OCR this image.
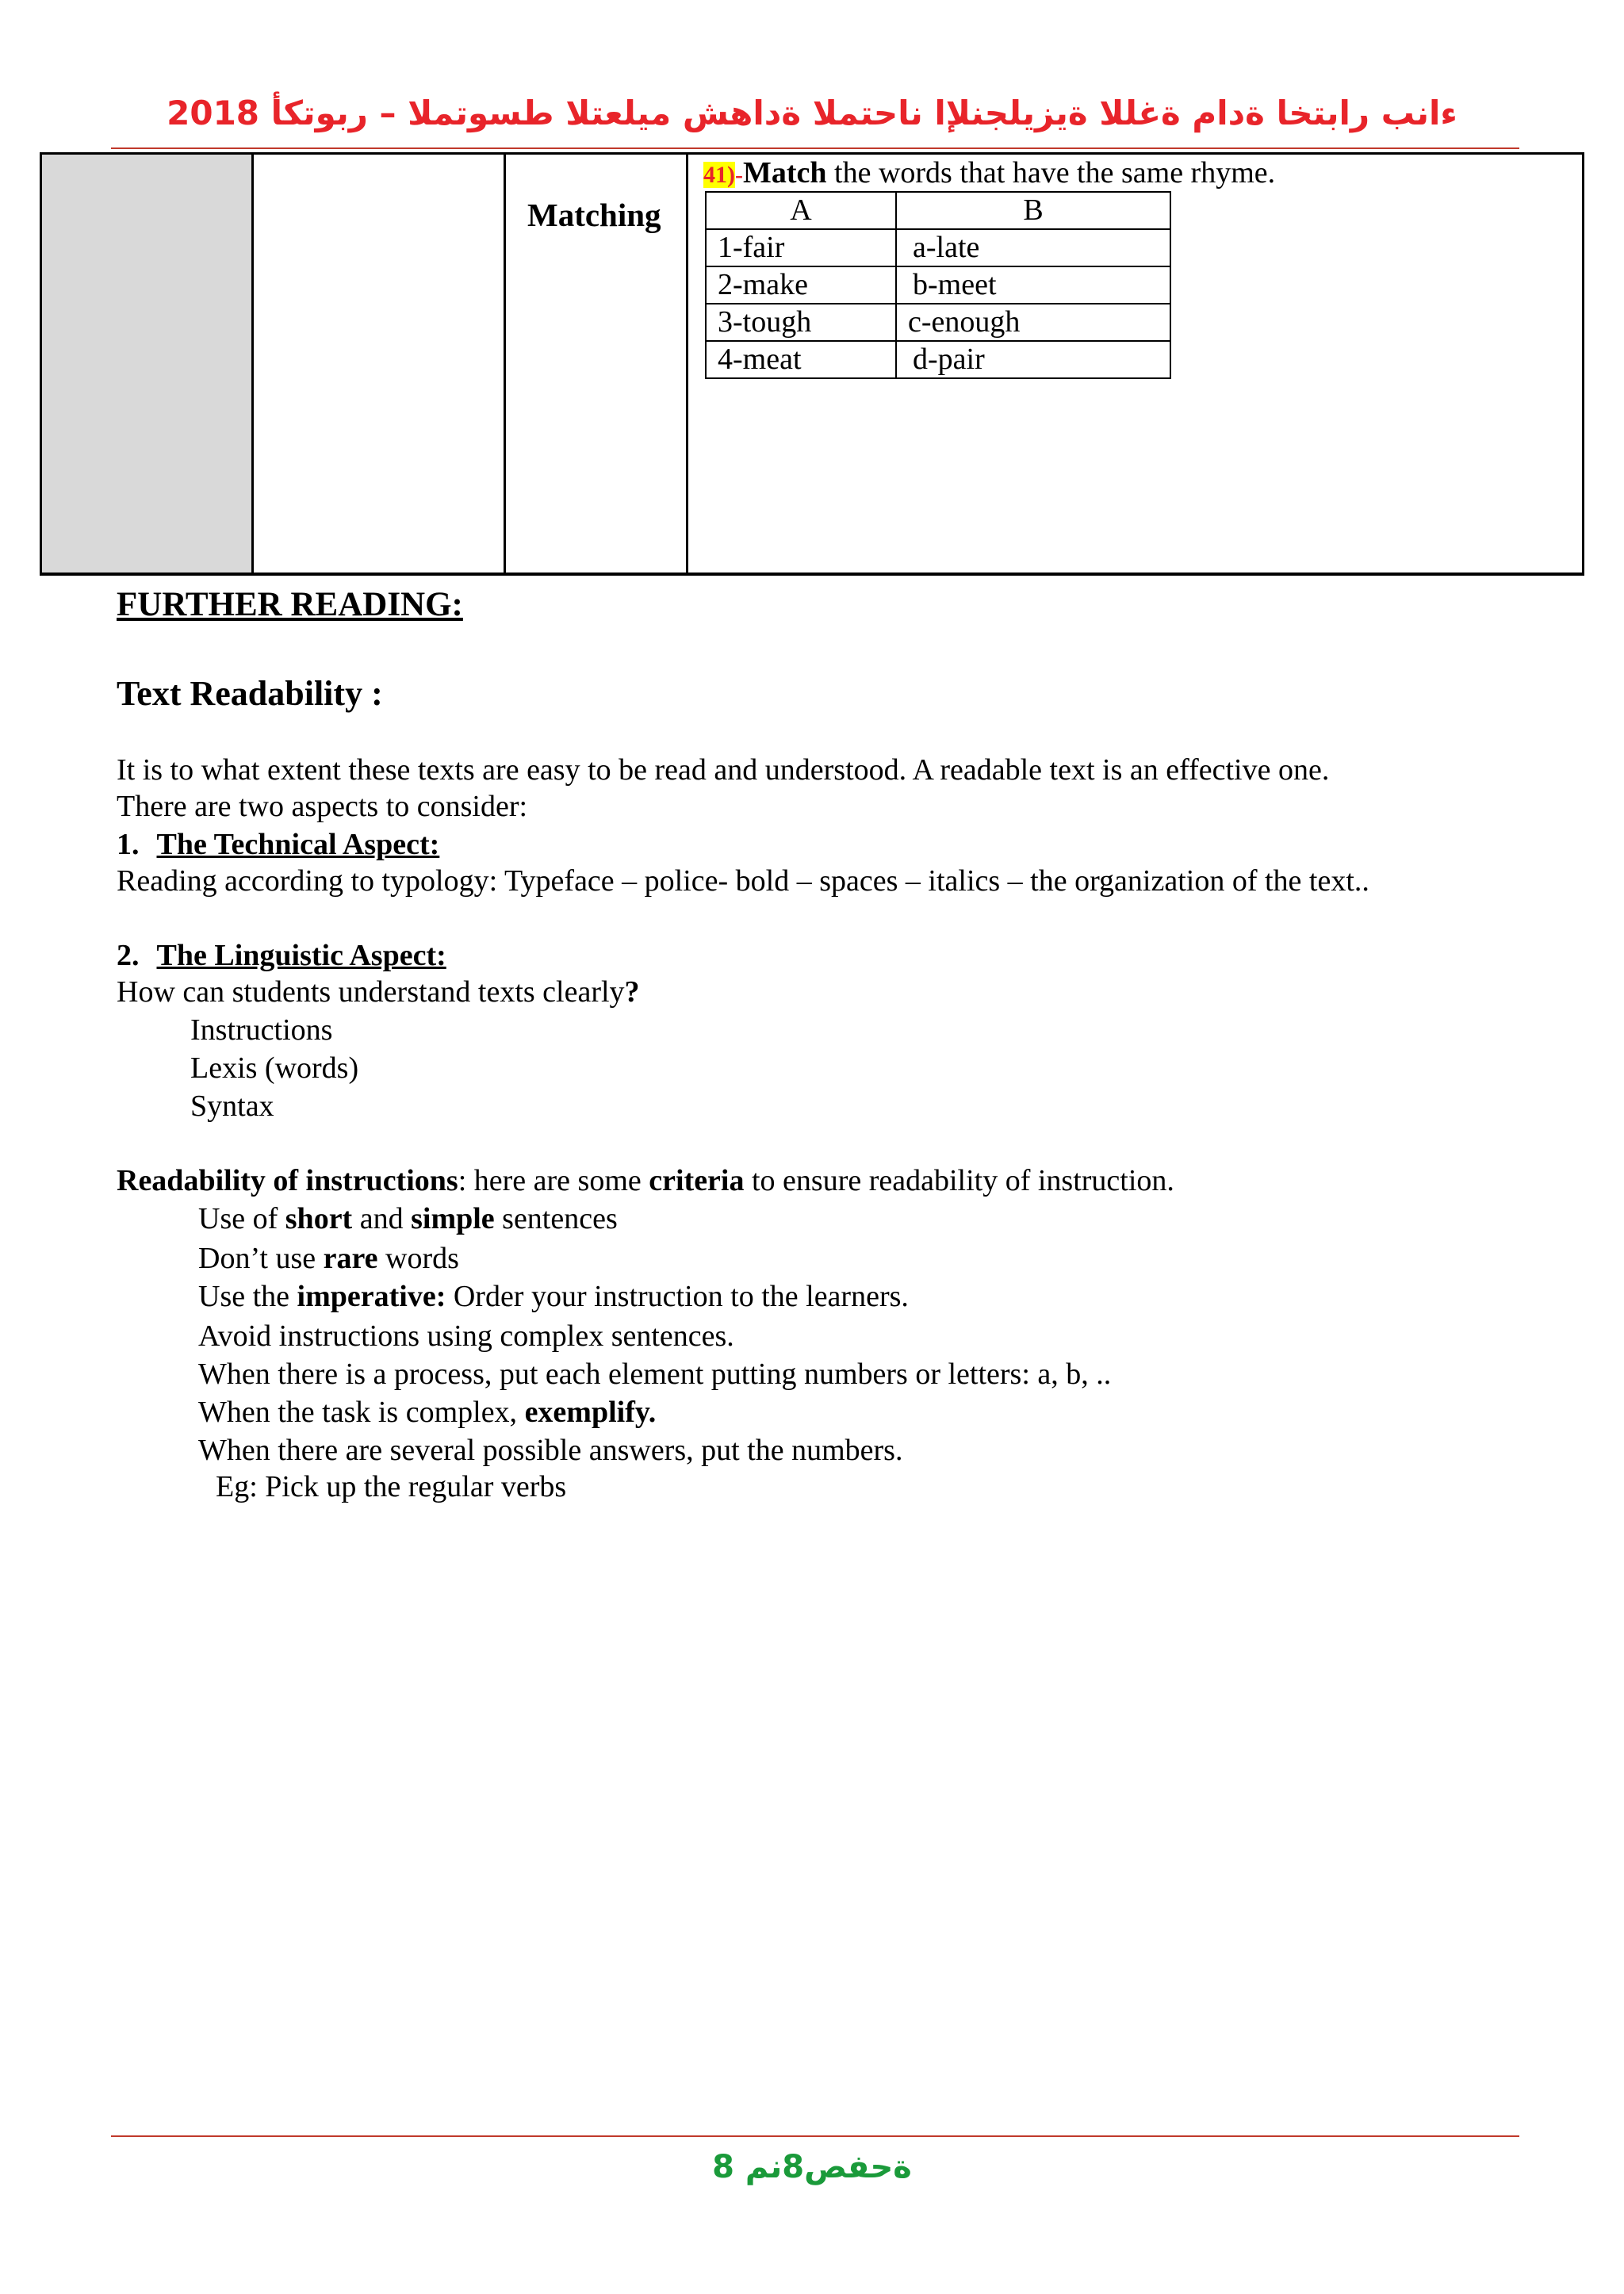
ءانب رابتخا ةدام ةغللا ةيزيلجنلإا ناحتملا ةداهش ميلعتلا طسوتملا – ربوتكأ 2018
Matching
41)-Match the words that have the same rhyme.
A	B
1-fair	a-late
2-make	b-meet
3-tough	c-enough
4-meat	d-pair
FURTHER READING:
Text Readability :
It is to what extent these texts are easy to be read and understood. A readable text is an effective one.
There are two aspects to consider:
1. The Technical Aspect:
Reading according to typology: Typeface – police- bold – spaces – italics – the organization of the text..
2. The Linguistic Aspect:
How can students understand texts clearly?
Instructions
Lexis (words)
Syntax
Readability of instructions: here are some criteria to ensure readability of instruction.
Use of short and simple sentences
Don’t use rare words
Use the imperative: Order your instruction to the learners.
Avoid instructions using complex sentences.
When there is a process, put each element putting numbers or letters: a, b, ..
When the task is complex, exemplify.
When there are several possible answers, put the numbers.
Eg: Pick up the regular verbs
ةحفص8نم 8
